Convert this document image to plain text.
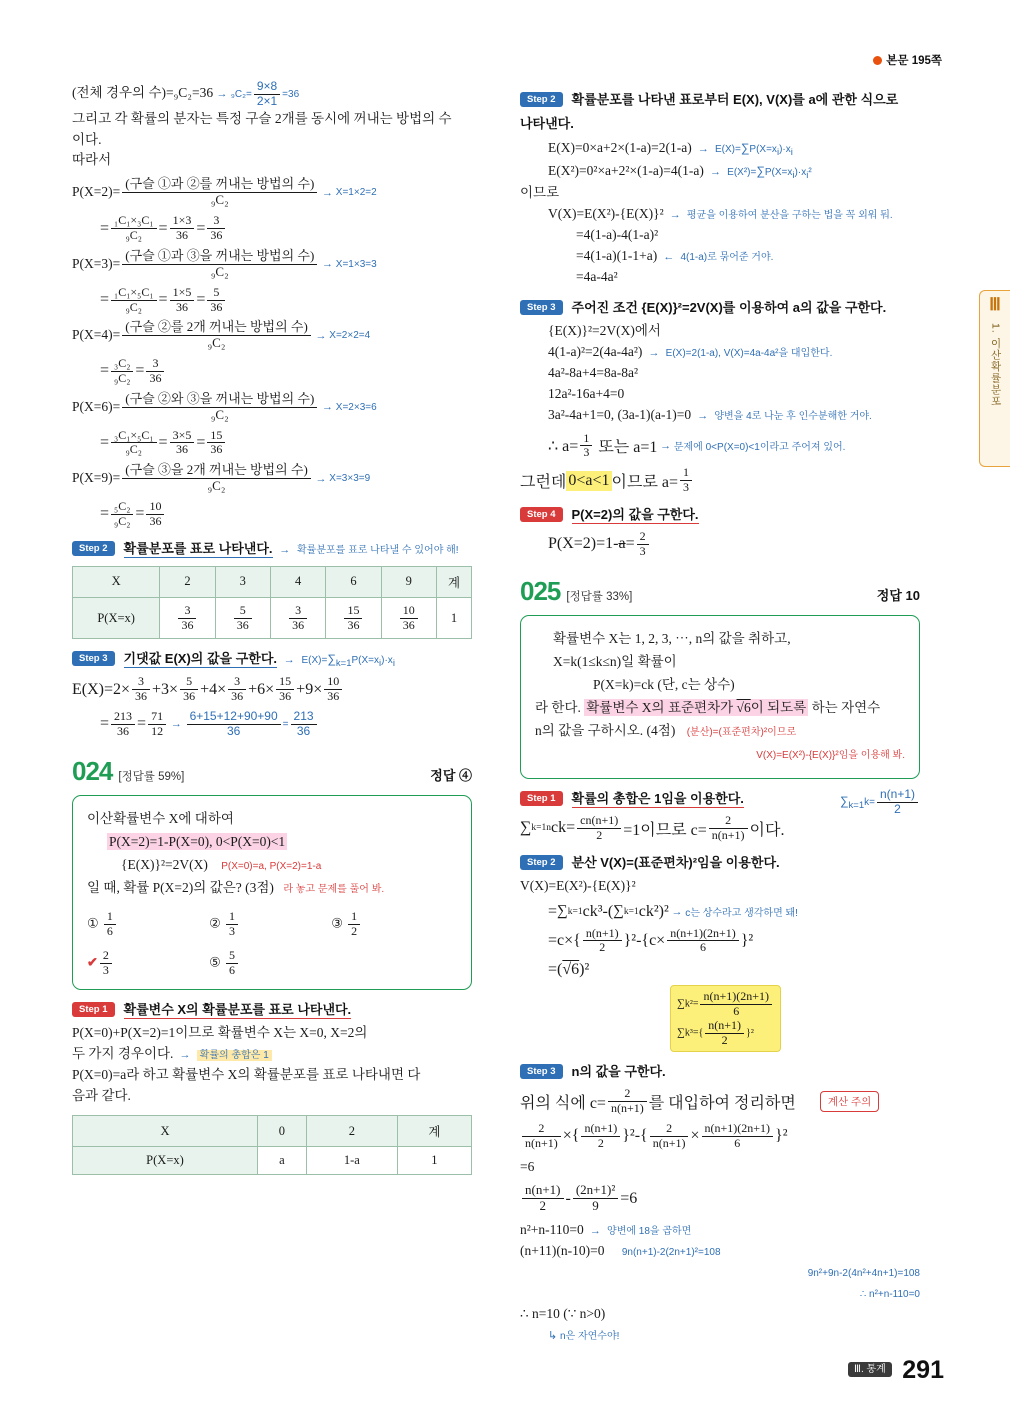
본문 195쪽
Ⅲ
1. 이산확률분포
(전체 경우의 수)$=_9C_2=36 \to _9C_2= \frac{9\times 8}{2\times 1} =36$
그리고 각 확률의 분자는 특정 구슬 2개를 동시에 꺼내는 방법의 수
이다.
따라서
$P(X=2)= \frac{\text{(구슬 ①과 ②를 꺼내는 방법의 수)}}{\text{₉C₂}} \to X=1\times 2=2$
= $\frac{\text{₁C₁×₃C₁}}{\text{₉C₂}} = \frac{1\times 3}{36} = \frac{3}{36}$
$P(X=3)= \frac{\text{(구슬 ①과 ③을 꺼내는 방법의 수)}}{\text{₉C₂}} \to X=1\times 3=3$
= $\frac{\text{₁C₁×₅C₁}}{\text{₉C₂}} = \frac{1\times 5}{36} = \frac{5}{36}$
$P(X=4)= \frac{\text{(구슬 ②를 2개 꺼내는 방법의 수)}}{\text{₉C₂}} \to X=2\times 2=4$
= $\frac{\text{₃C₂}}{\text{₉C₂}} = \frac{3}{36}$
$P(X=6)= \frac{\text{(구슬 ②와 ③을 꺼내는 방법의 수)}}{\text{₉C₂}} \to X=2\times 3=6$
= $\frac{\text{₃C₁×₅C₁}}{\text{₉C₂}} = \frac{3\times 5}{36} = \frac{15}{36}$
$P(X=9)= \frac{\text{(구슬 ③을 2개 꺼내는 방법의 수)}}{\text{₉C₂}} \to X=3\times 3=9$
= $\frac{\text{₅C₂}}{\text{₉C₂}} = \frac{10}{36}$
Step 2 확률분포를 표로 나타낸다.  →  확률분포를 표로 나타낼 수 있어야 해!
X	2	3	4	6	9	계
P(X=x)	$\frac{3}{36}$	$\frac{5}{36}$	$\frac{3}{36}$	$\frac{15}{36}$	$\frac{10}{36}$	1
Step 3 기댓값 E(X)의 값을 구한다.  →  $E(X)=\sum_{k=1}P(X=x_i)\cdot x_i$
$E(X)=2\times \frac{3}{36} +3\times \frac{5}{36} +4\times \frac{3}{36} +6\times \frac{15}{36} +9\times \frac{10}{36}$
= $\frac{213}{36} = \frac{71}{12} \to \frac{6+15+12+90+90}{36} = \frac{213}{36}$
024 [정답률 59%]	정답 ④
이산확률변수 X에 대하여
P(X=2)=1-P(X=0), 0<P(X=0)<1
{E(X)}²=2V(X) P(X=0)=a, P(X=2)=1-a
일 때, 확률 P(X=2)의 값은? (3점) 라 놓고 문제를 풀어 봐.
① $\frac{1}{6}$	② $\frac{1}{3}$	③ $\frac{1}{2}$
✔ $\frac{2}{3}$	⑤ $\frac{5}{6}$
Step 1 확률변수 X의 확률분포를 표로 나타낸다.
P(X=0)+P(X=2)=1이므로 확률변수 X는 X=0, X=2의
두 가지 경우이다.  →  확률의 총합은 1
P(X=0)=a라 하고 확률변수 X의 확률분포를 표로 나타내면 다
음과 같다.
X	0	2	계
P(X=x)	a	1-a	1
Step 2 확률분포를 나타낸 표로부터 E(X), V(X)를 a에 관한 식으로
나타낸다.
$E(X)=0\times a+2\times(1-a)=2(1-a) \to E(X)=\sum P(X=x_i)\cdot x_i$
$E(X^2)=0^2\times a+2^2\times(1-a)=4(1-a) \to E(X^2)=\sum P(X=x_i)\cdot x_i^2$
이므로
V(X)=E(X²)-{E(X)}²  →  평균을 이용하여 분산을 구하는 법을 꼭 외워 둬.
=4(1-a)-4(1-a)²
=4(1-a)(1-1+a)  ←  4(1-a)로 묶어준 거야.
=4a-4a²
Step 3 주어진 조건 {E(X)}²=2V(X)를 이용하여 a의 값을 구한다.
{E(X)}²=2V(X)에서
4(1-a)²=2(4a-4a²)  →  E(X)=2(1-a), V(X)=4a-4a²을 대입한다.
4a²-8a+4=8a-8a²
12a²-16a+4=0
3a²-4a+1=0, (3a-1)(a-1)=0  →  양변을 4로 나눈 후 인수분해한 거야.
∴ $a= \frac{1}{3}$ 또는 a=1 → 문제에 0<P(X=0)<1이라고 주어져 있어.
그런데 0<a<1 이므로 $a= \frac{1}{3}$
Step 4 P(X=2)의 값을 구한다.
P(X=2)=1- $a = \frac{2}{3}$
025 [정답률 33%]	정답 10
확률변수 X는 1, 2, 3, ⋯, n의 값을 취하고,
X=k(1≤k≤n)일 확률이
P(X=k)=ck (단, c는 상수)
라 한다. 확률변수 X의 표준편차가 √6이 되도록 하는 자연수
n의 값을 구하시오. (4점) (분산)=(표준편차)²이므로
V(X)=E(X²)-{E(X)}²임을 이용해 봐.
Step 1 확률의 총합은 1임을 이용한다.	$\sum_{k=1}k= \frac{n(n+1)}{2}$
∑ k=1 n $ck= \frac{cn(n+1)}{2} =1$이므로 $c= \frac{2}{n(n+1)}$ 이다.
Step 2 분산 V(X)=(표준편차)²임을 이용한다.
V(X)=E(X²)-{E(X)}²
= ∑ k=1 ck³-( ∑ k=1 ck²)² → c는 상수라고 생각하면 돼!
$=c\times\{ \frac{n(n+1)}{2} \}^2-\{c\times \frac{n(n+1)(2n+1)}{6} \}^2$
=( √6 )²
$\sum k^2= \frac{n(n+1)(2n+1)}{6}$
$\sum k^3=\{ \frac{n(n+1)}{2} \}^2$
Step 3 n의 값을 구한다.
위의 식에 $c= \frac{2}{n(n+1)}$ 를 대입하여 정리하면	계산 주의
$\frac{2}{n(n+1)}$ ×{ $\frac{n(n+1)}{2} \}^2-\{ \frac{2}{n(n+1)} \times \frac{n(n+1)(2n+1)}{6} \}^2$
=6
$\frac{n(n+1)}{2} - \frac{\text{(2n+1)²}}{9} =6$
n²+n-110=0  →  양변에 18을 곱하면
(n+11)(n-10)=0 9n(n+1)-2(2n+1)²=108
9n²+9n-2(4n²+4n+1)=108
∴ n²+n-110=0
∴ n=10 (∵ n>0)
↳ n은 자연수야!
$^{Ⅲ. 통계}$ 291
